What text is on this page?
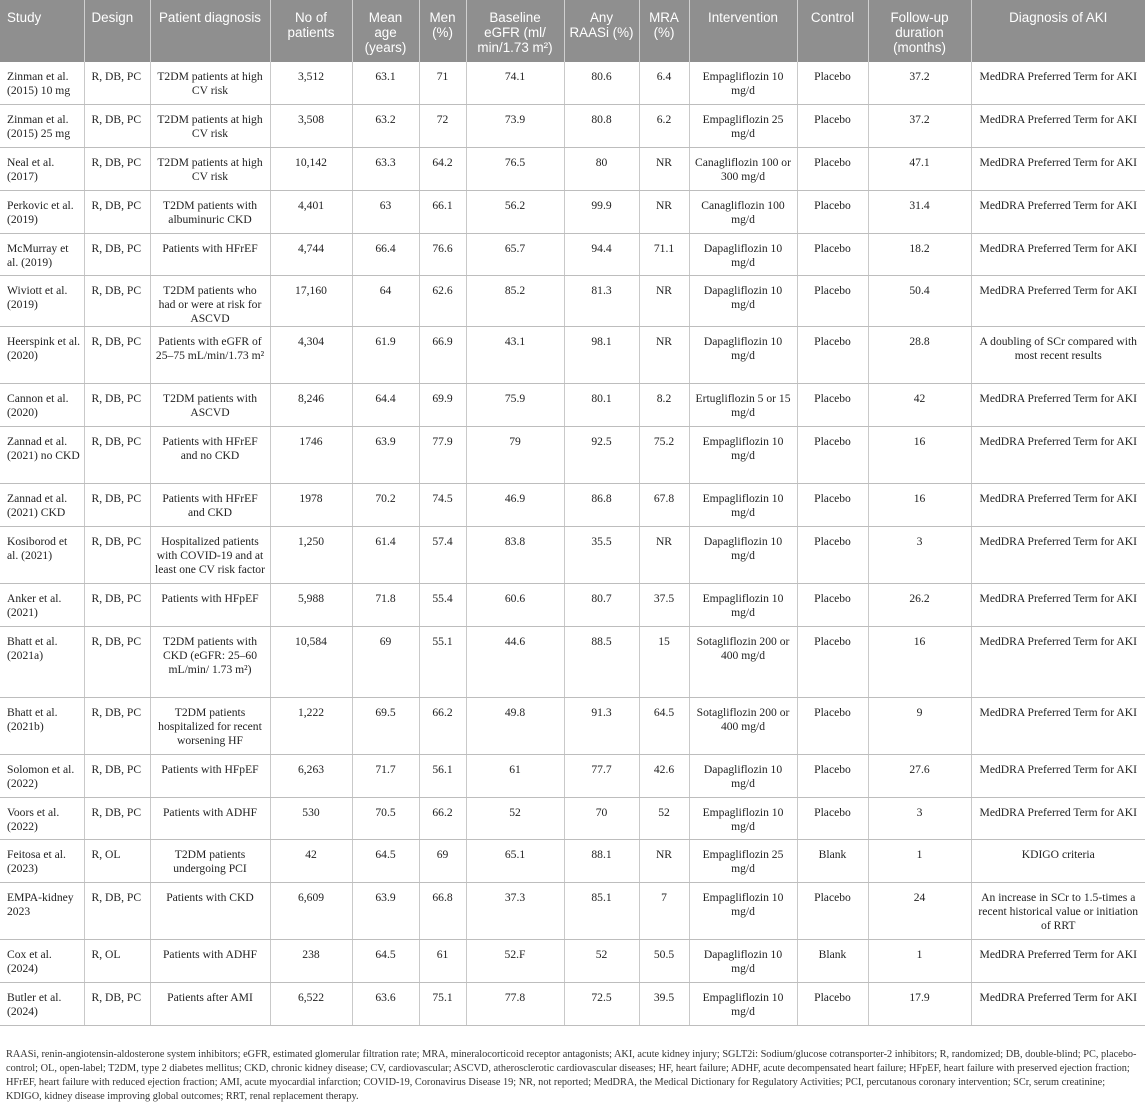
Study	Design	Patient diagnosis	No of patients	Mean age (years)	Men (%)	Baseline eGFR (ml/ min/1.73 m²)	Any RAASi (%)	MRA (%)	Intervention	Control	Follow-up duration (months)	Diagnosis of AKI
Zinman et al. (2015) 10 mg	R, DB, PC	T2DM patients at high CV risk	3,512	63.1	71	74.1	80.6	6.4	Empagliflozin 10 mg/d	Placebo	37.2	MedDRA Preferred Term for AKI
Zinman et al. (2015) 25 mg	R, DB, PC	T2DM patients at high CV risk	3,508	63.2	72	73.9	80.8	6.2	Empagliflozin 25 mg/d	Placebo	37.2	MedDRA Preferred Term for AKI
Neal et al. (2017)	R, DB, PC	T2DM patients at high CV risk	10,142	63.3	64.2	76.5	80	NR	Canagliflozin 100 or 300 mg/d	Placebo	47.1	MedDRA Preferred Term for AKI
Perkovic et al. (2019)	R, DB, PC	T2DM patients with albuminuric CKD	4,401	63	66.1	56.2	99.9	NR	Canagliflozin 100 mg/d	Placebo	31.4	MedDRA Preferred Term for AKI
McMurray et al. (2019)	R, DB, PC	Patients with HFrEF	4,744	66.4	76.6	65.7	94.4	71.1	Dapagliflozin 10 mg/d	Placebo	18.2	MedDRA Preferred Term for AKI
Wiviott et al. (2019)	R, DB, PC	T2DM patients who had or were at risk for ASCVD	17,160	64	62.6	85.2	81.3	NR	Dapagliflozin 10 mg/d	Placebo	50.4	MedDRA Preferred Term for AKI
Heerspink et al. (2020)	R, DB, PC	Patients with eGFR of 25–75 mL/min/1.73 m²	4,304	61.9	66.9	43.1	98.1	NR	Dapagliflozin 10 mg/d	Placebo	28.8	A doubling of SCr compared with most recent results
Cannon et al. (2020)	R, DB, PC	T2DM patients with ASCVD	8,246	64.4	69.9	75.9	80.1	8.2	Ertugliflozin 5 or 15 mg/d	Placebo	42	MedDRA Preferred Term for AKI
Zannad et al. (2021) no CKD	R, DB, PC	Patients with HFrEF and no CKD	1746	63.9	77.9	79	92.5	75.2	Empagliflozin 10 mg/d	Placebo	16	MedDRA Preferred Term for AKI
Zannad et al. (2021) CKD	R, DB, PC	Patients with HFrEF and CKD	1978	70.2	74.5	46.9	86.8	67.8	Empagliflozin 10 mg/d	Placebo	16	MedDRA Preferred Term for AKI
Kosiborod et al. (2021)	R, DB, PC	Hospitalized patients with COVID-19 and at least one CV risk factor	1,250	61.4	57.4	83.8	35.5	NR	Dapagliflozin 10 mg/d	Placebo	3	MedDRA Preferred Term for AKI
Anker et al. (2021)	R, DB, PC	Patients with HFpEF	5,988	71.8	55.4	60.6	80.7	37.5	Empagliflozin 10 mg/d	Placebo	26.2	MedDRA Preferred Term for AKI
Bhatt et al. (2021a)	R, DB, PC	T2DM patients with CKD (eGFR: 25–60 mL/min/ 1.73 m²)	10,584	69	55.1	44.6	88.5	15	Sotagliflozin 200 or 400 mg/d	Placebo	16	MedDRA Preferred Term for AKI
Bhatt et al. (2021b)	R, DB, PC	T2DM patients hospitalized for recent worsening HF	1,222	69.5	66.2	49.8	91.3	64.5	Sotagliflozin 200 or 400 mg/d	Placebo	9	MedDRA Preferred Term for AKI
Solomon et al. (2022)	R, DB, PC	Patients with HFpEF	6,263	71.7	56.1	61	77.7	42.6	Dapagliflozin 10 mg/d	Placebo	27.6	MedDRA Preferred Term for AKI
Voors et al. (2022)	R, DB, PC	Patients with ADHF	530	70.5	66.2	52	70	52	Empagliflozin 10 mg/d	Placebo	3	MedDRA Preferred Term for AKI
Feitosa et al. (2023)	R, OL	T2DM patients undergoing PCI	42	64.5	69	65.1	88.1	NR	Empagliflozin 25 mg/d	Blank	1	KDIGO criteria
EMPA-kidney 2023	R, DB, PC	Patients with CKD	6,609	63.9	66.8	37.3	85.1	7	Empagliflozin 10 mg/d	Placebo	24	An increase in SCr to 1.5-times a recent historical value or initiation of RRT
Cox et al. (2024)	R, OL	Patients with ADHF	238	64.5	61	52.F	52	50.5	Dapagliflozin 10 mg/d	Blank	1	MedDRA Preferred Term for AKI
Butler et al. (2024)	R, DB, PC	Patients after AMI	6,522	63.6	75.1	77.8	72.5	39.5	Empagliflozin 10 mg/d	Placebo	17.9	MedDRA Preferred Term for AKI
RAASi, renin-angiotensin-aldosterone system inhibitors; eGFR, estimated glomerular filtration rate; MRA, mineralocorticoid receptor antagonists; AKI, acute kidney injury; SGLT2i: Sodium/glucose cotransporter-2 inhibitors; R, randomized; DB, double-blind; PC, placebo-control; OL, open-label; T2DM, type 2 diabetes mellitus; CKD, chronic kidney disease; CV, cardiovascular; ASCVD, atherosclerotic cardiovascular diseases; HF, heart failure; ADHF, acute decompensated heart failure; HFpEF, heart failure with preserved ejection fraction; HFrEF, heart failure with reduced ejection fraction; AMI, acute myocardial infarction; COVID-19, Coronavirus Disease 19; NR, not reported; MedDRA, the Medical Dictionary for Regulatory Activities; PCI, percutanous coronary intervention; SCr, serum creatinine; KDIGO, kidney disease improving global outcomes; RRT, renal replacement therapy.
